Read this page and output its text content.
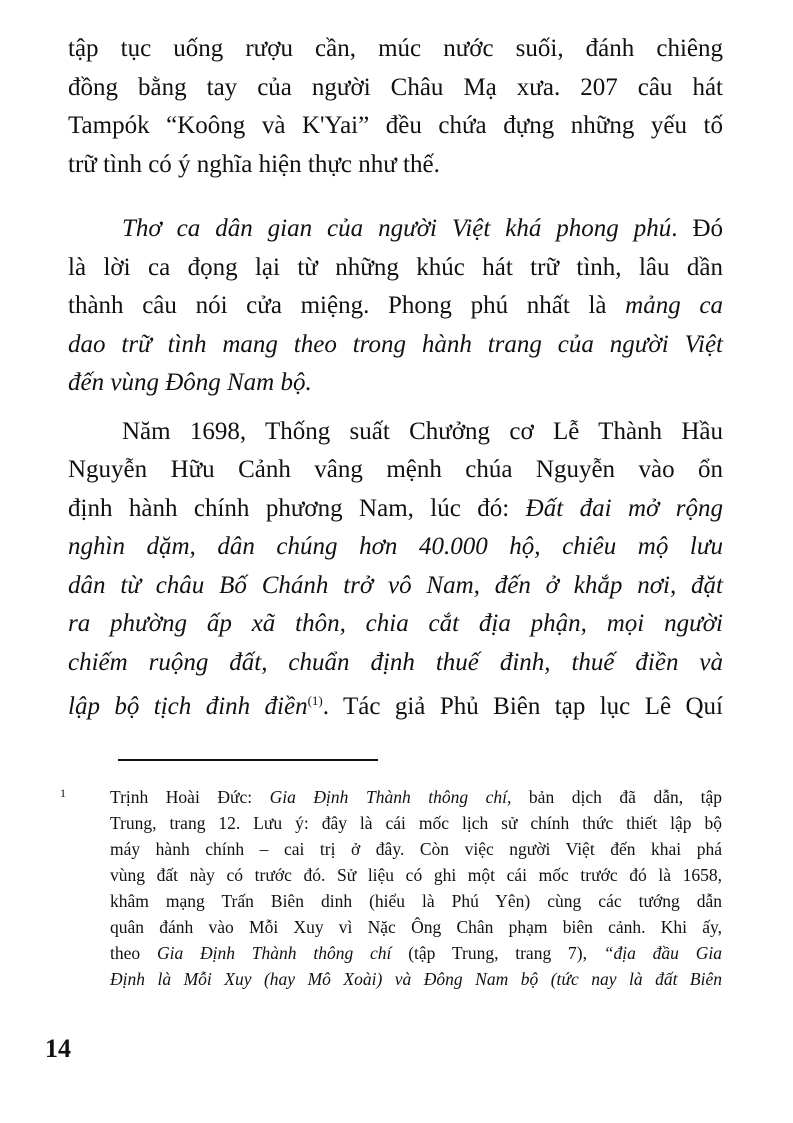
tập tục uống rượu cần, múc nước suối, đánh chiêng
đồng bằng tay của người Châu Mạ xưa. 207 câu hát
Tampók “Koông và K'Yai” đều chứa đựng những yếu tố
trữ tình có ý nghĩa hiện thực như thế.
Thơ ca dân gian của người Việt khá phong phú. Đó
là lời ca đọng lại từ những khúc hát trữ tình, lâu dần
thành câu nói cửa miệng. Phong phú nhất là mảng ca
dao trữ tình mang theo trong hành trang của người Việt
đến vùng Đông Nam bộ.
Năm 1698, Thống suất Chưởng cơ Lễ Thành Hầu
Nguyễn Hữu Cảnh vâng mệnh chúa Nguyễn vào ổn
định hành chính phương Nam, lúc đó: Đất đai mở rộng
nghìn dặm, dân chúng hơn 40.000 hộ, chiêu mộ lưu
dân từ châu Bố Chánh trở vô Nam, đến ở khắp nơi, đặt
ra phường ấp xã thôn, chia cắt địa phận, mọi người
chiếm ruộng đất, chuẩn định thuế đinh, thuế điền và
lập bộ tịch đinh điền$^{(1)}$. Tác giả Phủ Biên tạp lục Lê Quí
1	Trịnh Hoài Đức: Gia Định Thành thông chí, bản dịch đã dẫn, tập
Trung, trang 12. Lưu ý: đây là cái mốc lịch sử chính thức thiết lập bộ
máy hành chính – cai trị ở đây. Còn việc người Việt đến khai phá
vùng đất này có trước đó. Sử liệu có ghi một cái mốc trước đó là 1658,
khâm mạng Trấn Biên dinh (hiểu là Phú Yên) cùng các tướng dẫn
quân đánh vào Mỗi Xuy vì Nặc Ông Chân phạm biên cảnh. Khi ấy,
theo Gia Định Thành thông chí (tập Trung, trang 7), “địa đầu Gia
Định là Mỗi Xuy (hay Mô Xoài) và Đông Nam bộ (tức nay là đất Biên
14
